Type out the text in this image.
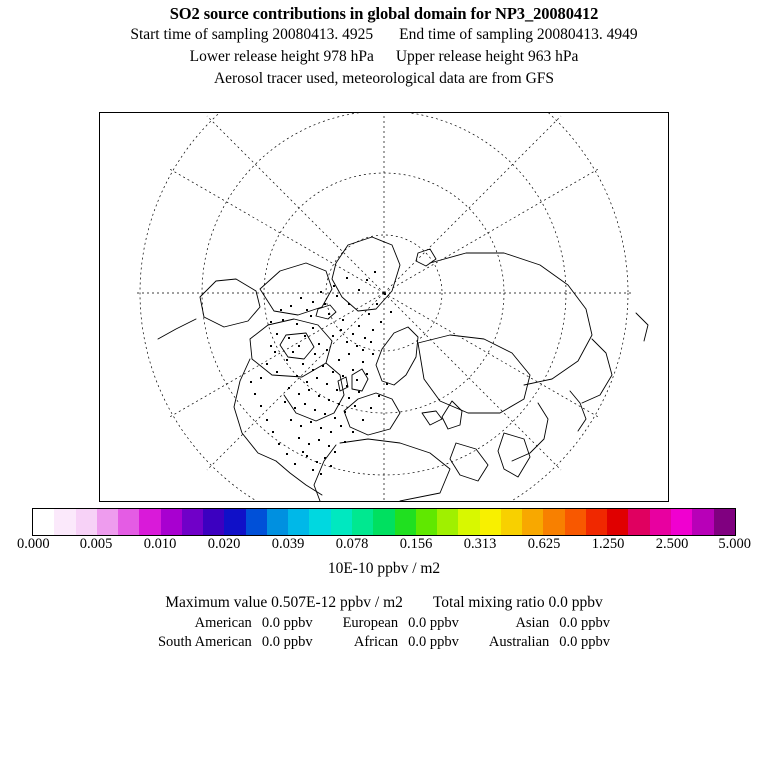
SO2 source contributions in global domain for NP3_20080412
Start time of sampling 20080413. 4925 End time of sampling 20080413. 4949
Lower release height 978 hPa Upper release height 963 hPa
Aerosol tracer used, meteorological data are from GFS
0.000 0.005 0.010 0.020 0.039 0.078 0.156 0.313 0.625 1.250 2.500 5.000
10E-10 ppbv / m2
Maximum value 0.507E-12 ppbv / m2 Total mixing ratio 0.0 ppbv
American	0.0 ppbv	European	0.0 ppbv	Asian	0.0 ppbv
South American	0.0 ppbv	African	0.0 ppbv	Australian	0.0 ppbv
